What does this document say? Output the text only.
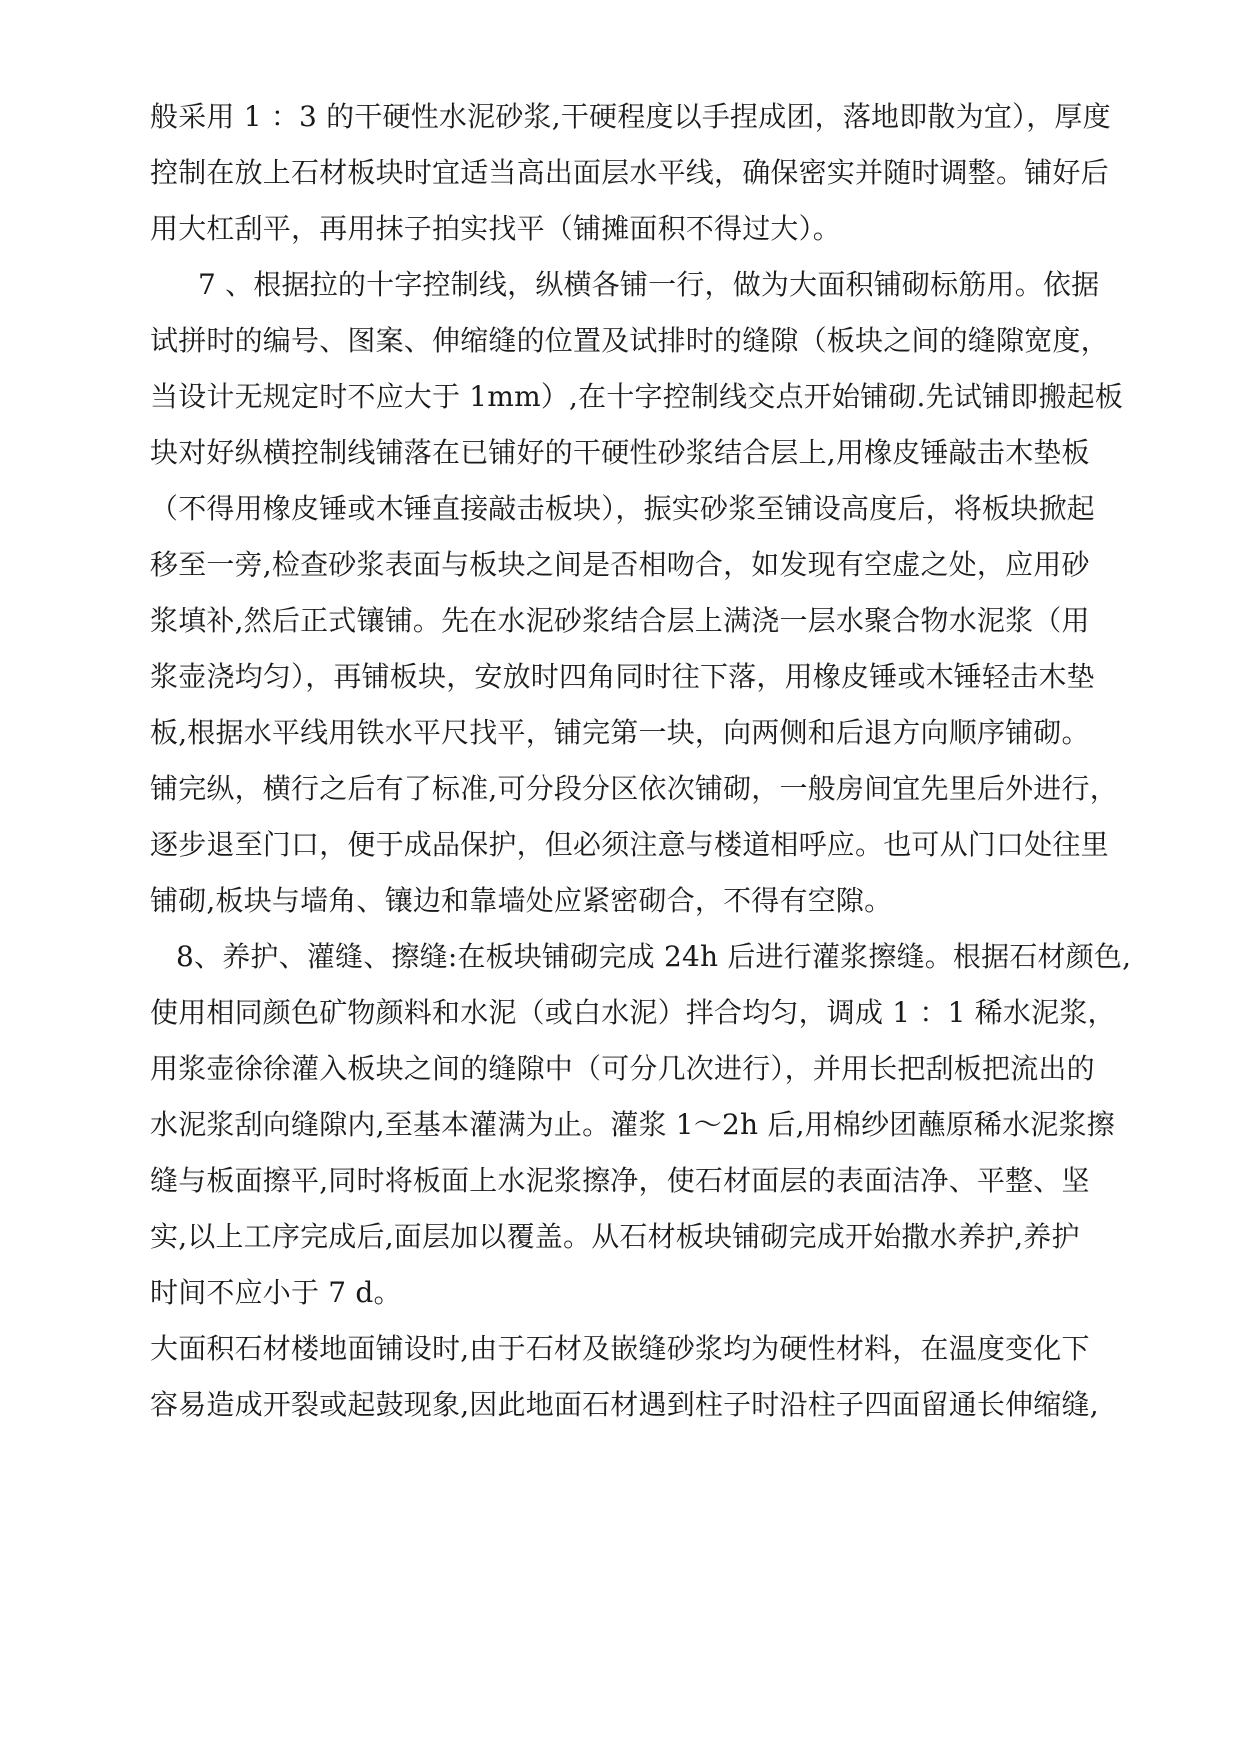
般采用 1 ：3 的干硬性水泥砂浆,干硬程度以手捏成团，落地即散为宜），厚度
控制在放上石材板块时宜适当高出面层水平线，确保密实并随时调整。铺好后
用大杠刮平，再用抹子拍实找平（铺摊面积不得过大）。
7 、根据拉的十字控制线，纵横各铺一行，做为大面积铺砌标筋用。依据
试拼时的编号、图案、伸缩缝的位置及试排时的缝隙（板块之间的缝隙宽度，
当设计无规定时不应大于 1mm）,在十字控制线交点开始铺砌.先试铺即搬起板
块对好纵横控制线铺落在已铺好的干硬性砂浆结合层上,用橡皮锤敲击木垫板
（不得用橡皮锤或木锤直接敲击板块），振实砂浆至铺设高度后，将板块掀起
移至一旁,检查砂浆表面与板块之间是否相吻合，如发现有空虚之处，应用砂
浆填补,然后正式镶铺。先在水泥砂浆结合层上满浇一层水聚合物水泥浆（用
浆壶浇均匀），再铺板块，安放时四角同时往下落，用橡皮锤或木锤轻击木垫
板,根据水平线用铁水平尺找平，铺完第一块，向两侧和后退方向顺序铺砌。
铺完纵，横行之后有了标准,可分段分区依次铺砌，一般房间宜先里后外进行，
逐步退至门口，便于成品保护，但必须注意与楼道相呼应。也可从门口处往里
铺砌,板块与墙角、镶边和靠墙处应紧密砌合，不得有空隙。
8、养护、灌缝、擦缝:在板块铺砌完成 24h 后进行灌浆擦缝。根据石材颜色,
使用相同颜色矿物颜料和水泥（或白水泥）拌合均匀，调成 1 ：1 稀水泥浆，
用浆壶徐徐灌入板块之间的缝隙中（可分几次进行），并用长把刮板把流出的
水泥浆刮向缝隙内,至基本灌满为止。灌浆 1～2h 后,用棉纱团蘸原稀水泥浆擦
缝与板面擦平,同时将板面上水泥浆擦净，使石材面层的表面洁净、平整、坚
实,以上工序完成后,面层加以覆盖。从石材板块铺砌完成开始撒水养护,养护
时间不应小于 7 d。
大面积石材楼地面铺设时,由于石材及嵌缝砂浆均为硬性材料，在温度变化下
容易造成开裂或起鼓现象,因此地面石材遇到柱子时沿柱子四面留通长伸缩缝,
